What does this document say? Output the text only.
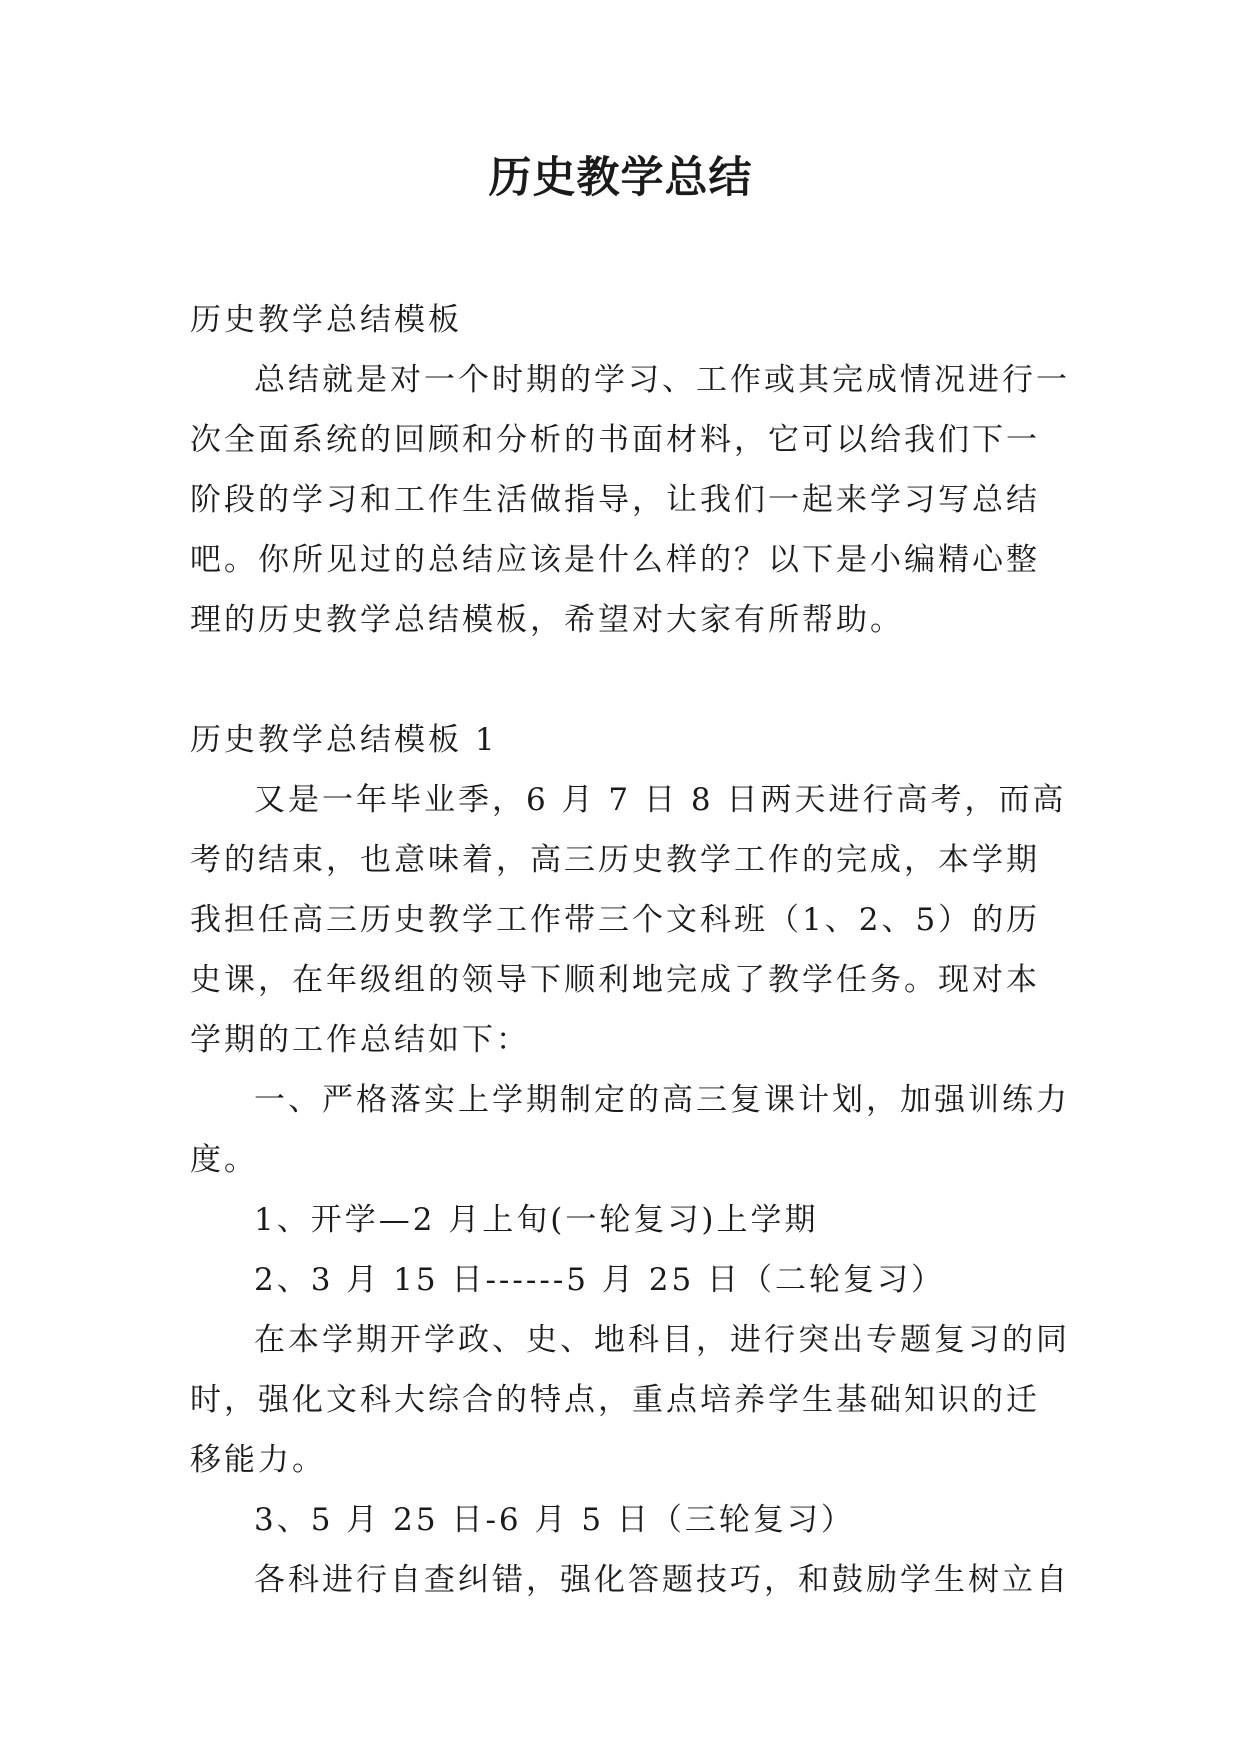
历史教学总结

历史教学总结模板

总结就是对一个时期的学习、工作或其完成情况进行一次全面系统的回顾和分析的书面材料，它可以给我们下一阶段的学习和工作生活做指导，让我们一起来学习写总结吧。你所见过的总结应该是什么样的？以下是小编精心整理的历史教学总结模板，希望对大家有所帮助。

历史教学总结模板 1

又是一年毕业季，6 月 7 日 8 日两天进行高考，而高考的结束，也意味着，高三历史教学工作的完成，本学期我担任高三历史教学工作带三个文科班（1、2、5）的历史课，在年级组的领导下顺利地完成了教学任务。现对本学期的工作总结如下：

一、严格落实上学期制定的高三复课计划，加强训练力度。

1、开学—2 月上旬(一轮复习)上学期

2、3 月 15 日------5 月 25 日（二轮复习）

在本学期开学政、史、地科目，进行突出专题复习的同时，强化文科大综合的特点，重点培养学生基础知识的迁移能力。

3、5 月 25 日-6 月 5 日（三轮复习）

各科进行自查纠错，强化答题技巧，和鼓励学生树立自
